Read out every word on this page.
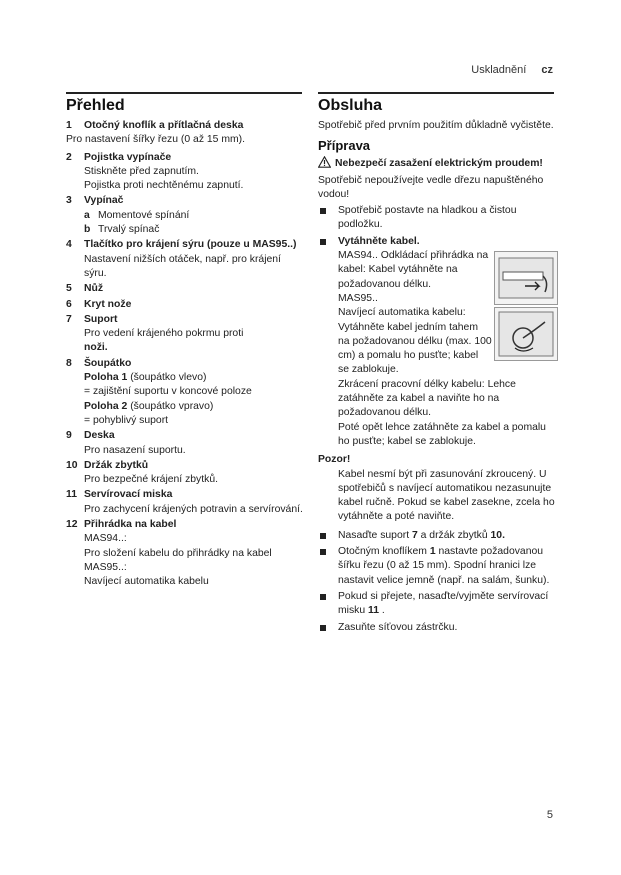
Uskladnění cz
Přehled
1 Otočný knoflík a přítlačná deska
Pro nastavení šířky řezu (0 až 15 mm).
2 Pojistka vypínače
Stiskněte před zapnutím.
Pojistka proti nechtěnému zapnutí.
3 Vypínač
a Momentové spínání
b Trvalý spínač
4	Tlačítko pro krájení sýru (pouze u MAS95..)
Nastavení nižších otáček, např. pro krájení sýru.
5 Nůž
6 Kryt nože
7 Suport
Pro vedení krájeného pokrmu proti
noži.
8 Šoupátko
Poloha 1 (šoupátko vlevo)
= zajištění suportu v koncové poloze
Poloha 2 (šoupátko vpravo)
= pohyblivý suport
9 Deska
Pro nasazení suportu.
10 Držák zbytků
Pro bezpečné krájení zbytků.
11 Servírovací miska
Pro zachycení krájených potravin a servírování.
12 Přihrádka na kabel
MAS94..:
Pro složení kabelu do přihrádky na kabel MAS95..:
Navíjecí automatika kabelu
Obsluha

Spotřebič před prvním použitím důkladně vyčistěte.

Příprava
Nebezpečí zasažení elektrickým proudem!

Spotřebič nepoužívejte vedle dřezu napuštěného vodou!

Spotřebič postavte na hladkou a čistou podložku.
Vytáhněte kabel.

MAS94.. Odkládací přihrádka na kabel: Kabel vytáhněte na požadovanou délku.

MAS95..

Navíjecí automatika kabelu: Vytáhněte kabel jedním tahem na požadovanou délku (max. 100 cm) a pomalu ho pusťte; kabel se zablokuje.

Zkrácení pracovní délky kabelu: Lehce zatáhněte za kabel a naviňte ho na požadovanou délku.

Poté opět lehce zatáhněte za kabel a pomalu ho pusťte; kabel se zablokuje.

Pozor!

Kabel nesmí být při zasunování zkroucený. U spotřebičů s navíjecí automatikou nezasunujte kabel ručně. Pokud se kabel zasekne, zcela ho vytáhněte a poté naviňte.

Nasaďte suport 7 a držák zbytků 10.
Otočným knoflíkem 1 nastavte požadovanou šířku řezu (0 až 15 mm). Spodní hranici lze nastavit velice jemně (např. na salám, šunku).
Pokud si přejete, nasaďte/vyjměte servírovací misku 11 .
Zasuňte síťovou zástrčku.
5
